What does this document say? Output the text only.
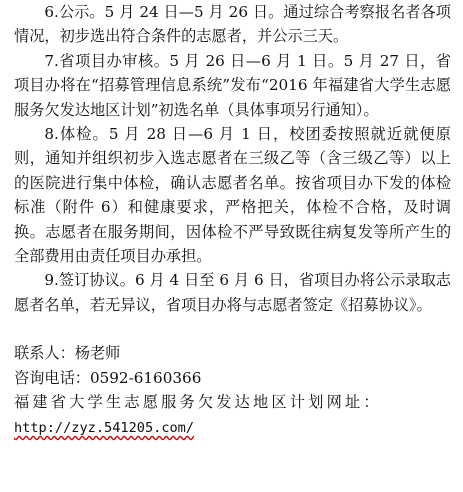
6.公示。5 月 24 日—5 月 26 日。通过综合考察报名者各项情况，初步选出符合条件的志愿者，并公示三天。

7.省项目办审核。5 月 26 日—6 月 1 日。5 月 27 日，省项目办将在“招募管理信息系统”发布“2016 年福建省大学生志愿服务欠发达地区计划”初选名单（具体事项另行通知）。

8.体检。5 月 28 日—6 月 1 日，校团委按照就近就便原则，通知并组织初步入选志愿者在三级乙等（含三级乙等）以上的医院进行集中体检，确认志愿者名单。按省项目办下发的体检标准（附件 6）和健康要求，严格把关，体检不合格，及时调换。志愿者在服务期间，因体检不严导致既往病复发等所产生的全部费用由责任项目办承担。

9.签订协议。6 月 4 日至 6 月 6 日，省项目办将公示录取志愿者名单，若无异议，省项目办将与志愿者签定《招募协议》。

联系人：杨老师

咨询电话：0592-6160366

福建省大学生志愿服务欠发达地区计划网址：

http://zyz.541205.com/
